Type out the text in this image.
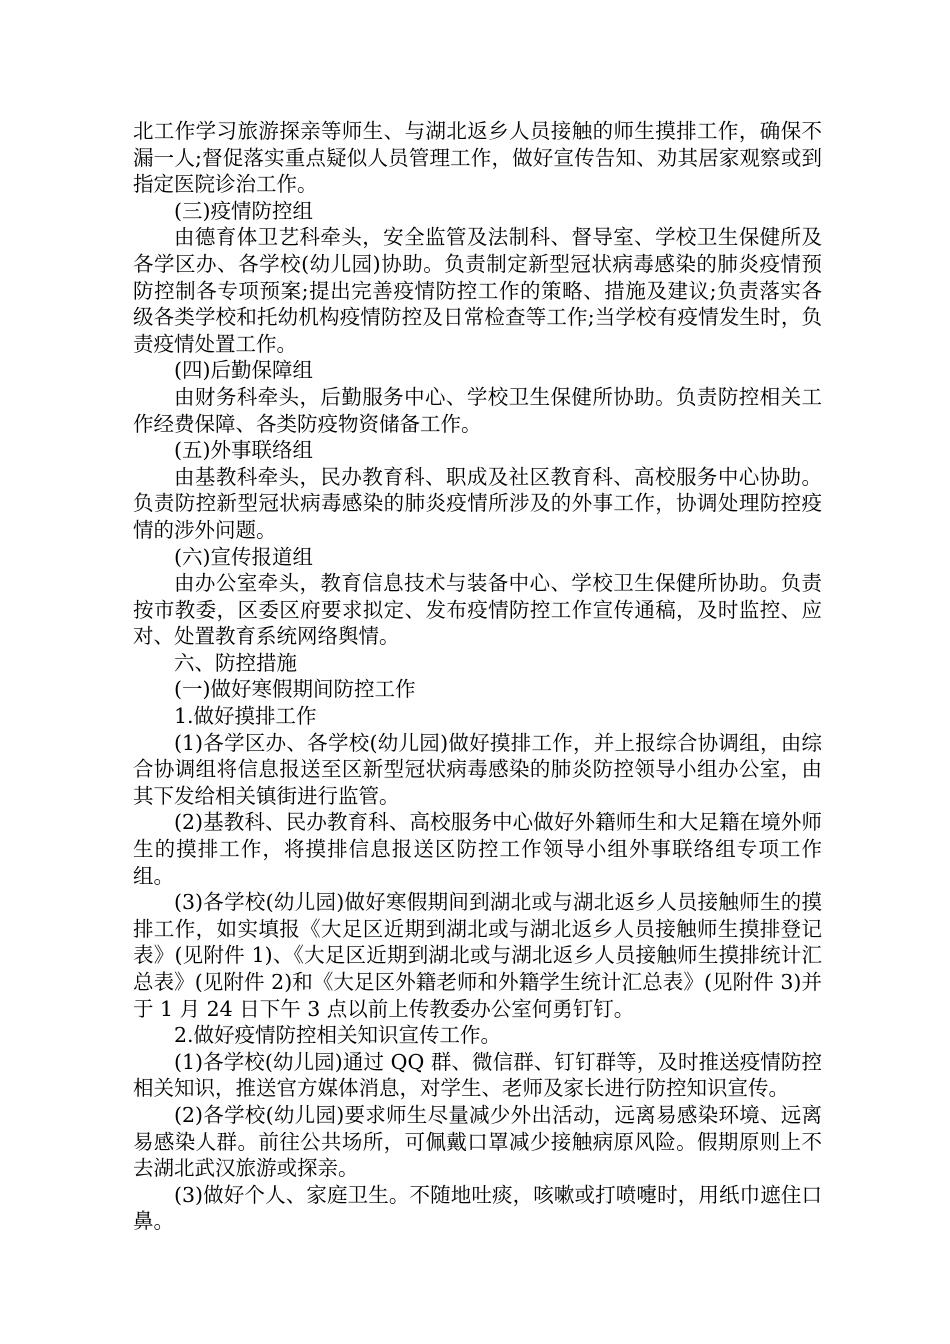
北工作学习旅游探亲等师生、与湖北返乡人员接触的师生摸排工作，确保不漏一人;督促落实重点疑似人员管理工作，做好宣传告知、劝其居家观察或到指定医院诊治工作。

(三)疫情防控组

由德育体卫艺科牵头，安全监管及法制科、督导室、学校卫生保健所及各学区办、各学校(幼儿园)协助。负责制定新型冠状病毒感染的肺炎疫情预防控制各专项预案;提出完善疫情防控工作的策略、措施及建议;负责落实各级各类学校和托幼机构疫情防控及日常检查等工作;当学校有疫情发生时，负责疫情处置工作。

(四)后勤保障组

由财务科牵头，后勤服务中心、学校卫生保健所协助。负责防控相关工作经费保障、各类防疫物资储备工作。

(五)外事联络组

由基教科牵头，民办教育科、职成及社区教育科、高校服务中心协助。负责防控新型冠状病毒感染的肺炎疫情所涉及的外事工作，协调处理防控疫情的涉外问题。

(六)宣传报道组

由办公室牵头，教育信息技术与装备中心、学校卫生保健所协助。负责按市教委，区委区府要求拟定、发布疫情防控工作宣传通稿，及时监控、应对、处置教育系统网络舆情。

六、防控措施

(一)做好寒假期间防控工作

1.做好摸排工作

(1)各学区办、各学校(幼儿园)做好摸排工作，并上报综合协调组，由综合协调组将信息报送至区新型冠状病毒感染的肺炎防控领导小组办公室，由其下发给相关镇街进行监管。

(2)基教科、民办教育科、高校服务中心做好外籍师生和大足籍在境外师生的摸排工作，将摸排信息报送区防控工作领导小组外事联络组专项工作组。

(3)各学校(幼儿园)做好寒假期间到湖北或与湖北返乡人员接触师生的摸排工作，如实填报《大足区近期到湖北或与湖北返乡人员接触师生摸排登记表》(见附件 1)、《大足区近期到湖北或与湖北返乡人员接触师生摸排统计汇总表》(见附件 2)和《大足区外籍老师和外籍学生统计汇总表》(见附件 3)并于 1 月 24 日下午 3 点以前上传教委办公室何勇钉钉。

2.做好疫情防控相关知识宣传工作。

(1)各学校(幼儿园)通过 QQ 群、微信群、钉钉群等，及时推送疫情防控相关知识，推送官方媒体消息，对学生、老师及家长进行防控知识宣传。

(2)各学校(幼儿园)要求师生尽量减少外出活动，远离易感染环境、远离易感染人群。前往公共场所，可佩戴口罩减少接触病原风险。假期原则上不去湖北武汉旅游或探亲。

(3)做好个人、家庭卫生。不随地吐痰，咳嗽或打喷嚏时，用纸巾遮住口鼻。
